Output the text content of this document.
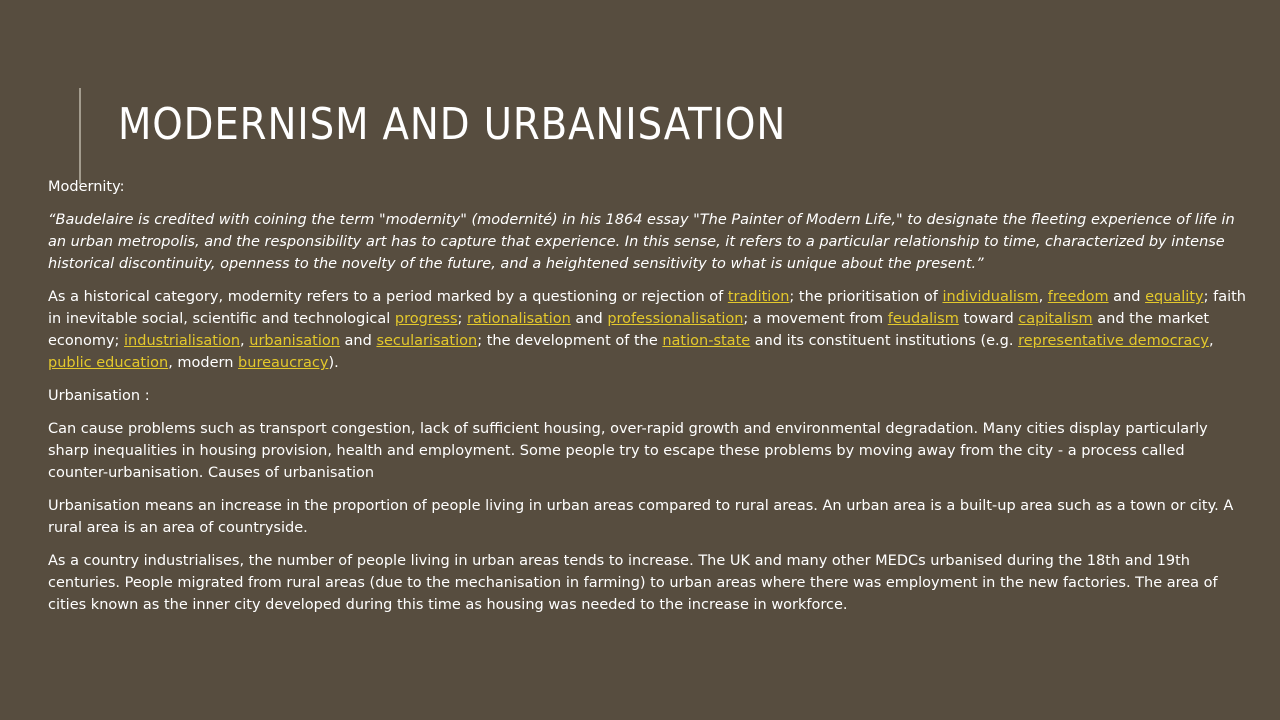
MODERNISM AND URBANISATION

Modernity:

“Baudelaire is credited with coining the term "modernity" (modernité) in his 1864 essay "The Painter of Modern Life," to designate the fleeting experience of life in an urban metropolis, and the responsibility art has to capture that experience. In this sense, it refers to a particular relationship to time, characterized by intense historical discontinuity, openness to the novelty of the future, and a heightened sensitivity to what is unique about the present.”

As a historical category, modernity refers to a period marked by a questioning or rejection of tradition; the prioritisation of individualism, freedom and equality; faith in inevitable social, scientific and technological progress; rationalisation and professionalisation; a movement from feudalism toward capitalism and the market economy; industrialisation, urbanisation and secularisation; the development of the nation-state and its constituent institutions (e.g. representative democracy, public education, modern bureaucracy).

Urbanisation :

Can cause problems such as transport congestion, lack of sufficient housing, over-rapid growth and environmental degradation. Many cities display particularly sharp inequalities in housing provision, health and employment. Some people try to escape these problems by moving away from the city - a process called counter-urbanisation. Causes of urbanisation

Urbanisation means an increase in the proportion of people living in urban areas compared to rural areas. An urban area is a built-up area such as a town or city. A rural area is an area of countryside.

As a country industrialises, the number of people living in urban areas tends to increase. The UK and many other MEDCs urbanised during the 18th and 19th centuries. People migrated from rural areas (due to the mechanisation in farming) to urban areas where there was employment in the new factories. The area of cities known as the inner city developed during this time as housing was needed to the increase in workforce.
